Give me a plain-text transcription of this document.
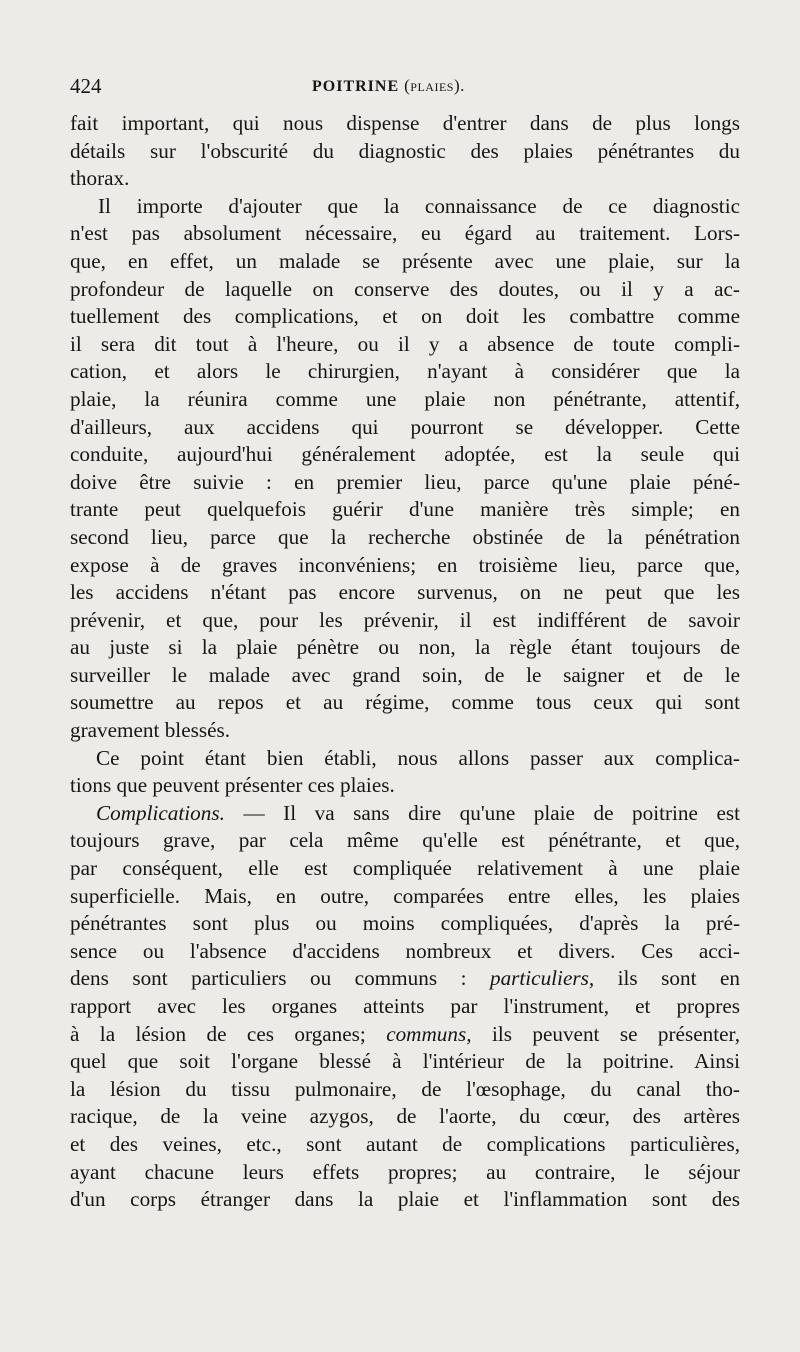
424	POITRINE (plaies).
fait important, qui nous dispense d'entrer dans de plus longs
détails sur l'obscurité du diagnostic des plaies pénétrantes du
thorax.
Il importe d'ajouter que la connaissance de ce diagnostic
n'est pas absolument nécessaire, eu égard au traitement. Lors-
que, en effet, un malade se présente avec une plaie, sur la
profondeur de laquelle on conserve des doutes, ou il y a ac-
tuellement des complications, et on doit les combattre comme
il sera dit tout à l'heure, ou il y a absence de toute compli-
cation, et alors le chirurgien, n'ayant à considérer que la
plaie, la réunira comme une plaie non pénétrante, attentif,
d'ailleurs, aux accidens qui pourront se développer. Cette
conduite, aujourd'hui généralement adoptée, est la seule qui
doive être suivie : en premier lieu, parce qu'une plaie péné-
trante peut quelquefois guérir d'une manière très simple; en
second lieu, parce que la recherche obstinée de la pénétration
expose à de graves inconvéniens; en troisième lieu, parce que,
les accidens n'étant pas encore survenus, on ne peut que les
prévenir, et que, pour les prévenir, il est indifférent de savoir
au juste si la plaie pénètre ou non, la règle étant toujours de
surveiller le malade avec grand soin, de le saigner et de le
soumettre au repos et au régime, comme tous ceux qui sont
gravement blessés.
Ce point étant bien établi, nous allons passer aux complica-
tions que peuvent présenter ces plaies.
Complications. — Il va sans dire qu'une plaie de poitrine est
toujours grave, par cela même qu'elle est pénétrante, et que,
par conséquent, elle est compliquée relativement à une plaie
superficielle. Mais, en outre, comparées entre elles, les plaies
pénétrantes sont plus ou moins compliquées, d'après la pré-
sence ou l'absence d'accidens nombreux et divers. Ces acci-
dens sont particuliers ou communs : particuliers, ils sont en
rapport avec les organes atteints par l'instrument, et propres
à la lésion de ces organes; communs, ils peuvent se présenter,
quel que soit l'organe blessé à l'intérieur de la poitrine. Ainsi
la lésion du tissu pulmonaire, de l'œsophage, du canal tho-
racique, de la veine azygos, de l'aorte, du cœur, des artères
et des veines, etc., sont autant de complications particulières,
ayant chacune leurs effets propres; au contraire, le séjour
d'un corps étranger dans la plaie et l'inflammation sont des
